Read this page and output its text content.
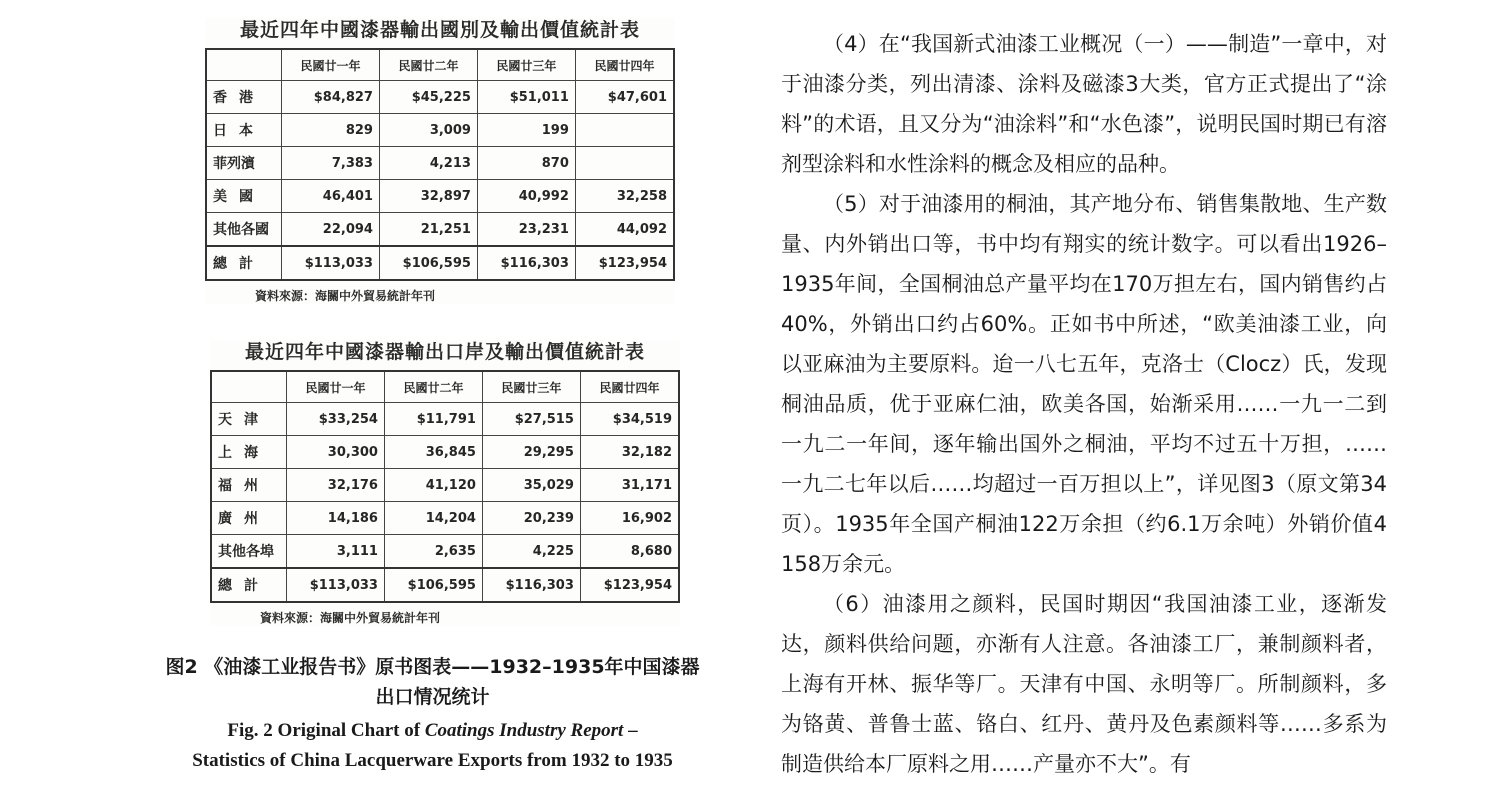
最近四年中國漆器輸出國別及輸出價值統計表
	民國廿一年	民國廿二年	民國廿三年	民國廿四年
香港	$84,827	$45,225	$51,011	$47,601
日本	829	3,009	199	
菲列濱	7,383	4,213	870	
美國	46,401	32,897	40,992	32,258
其他各國	22,094	21,251	23,231	44,092
總計	$113,033	$106,595	$116,303	$123,954
資料來源：海關中外貿易統計年刊
最近四年中國漆器輸出口岸及輸出價值統計表
	民國廿一年	民國廿二年	民國廿三年	民國廿四年
天津	$33,254	$11,791	$27,515	$34,519
上海	30,300	36,845	29,295	32,182
福州	32,176	41,120	35,029	31,171
廣州	14,186	14,204	20,239	16,902
其他各埠	3,111	2,635	4,225	8,680
總計	$113,033	$106,595	$116,303	$123,954
資料來源：海關中外貿易統計年刊
图2 《油漆工业报告书》原书图表——1932–1935年中国漆器
出口情况统计
Fig. 2 Original Chart of Coatings Industry Report –
Statistics of China Lacquerware Exports from 1932 to 1935

（4）在“我国新式油漆工业概况（一）——制造”一章中，对于油漆分类，列出清漆、涂料及磁漆3大类，官方正式提出了“涂料”的术语，且又分为“油涂料”和“水色漆”，说明民国时期已有溶剂型涂料和水性涂料的概念及相应的品种。

（5）对于油漆用的桐油，其产地分布、销售集散地、生产数量、内外销出口等，书中均有翔实的统计数字。可以看出1926–1935年间，全国桐油总产量平均在170万担左右，国内销售约占40%，外销出口约占60%。正如书中所述，“欧美油漆工业，向以亚麻油为主要原料。迨一八七五年，克洛士（Clocz）氏，发现桐油品质，优于亚麻仁油，欧美各国，始渐采用……一九一二到一九二一年间，逐年输出国外之桐油，平均不过五十万担，……一九二七年以后……均超过一百万担以上”，详见图3（原文第34页）。1935年全国产桐油122万余担（约6.1万余吨）外销价值4 158万余元。

（6）油漆用之颜料，民国时期因“我国油漆工业，逐渐发达，颜料供给问题，亦渐有人注意。各油漆工厂，兼制颜料者，上海有开林、振华等厂。天津有中国、永明等厂。所制颜料，多为铬黄、普鲁士蓝、铬白、红丹、黄丹及色素颜料等……多系为制造供给本厂原料之用……产量亦不大”。有
